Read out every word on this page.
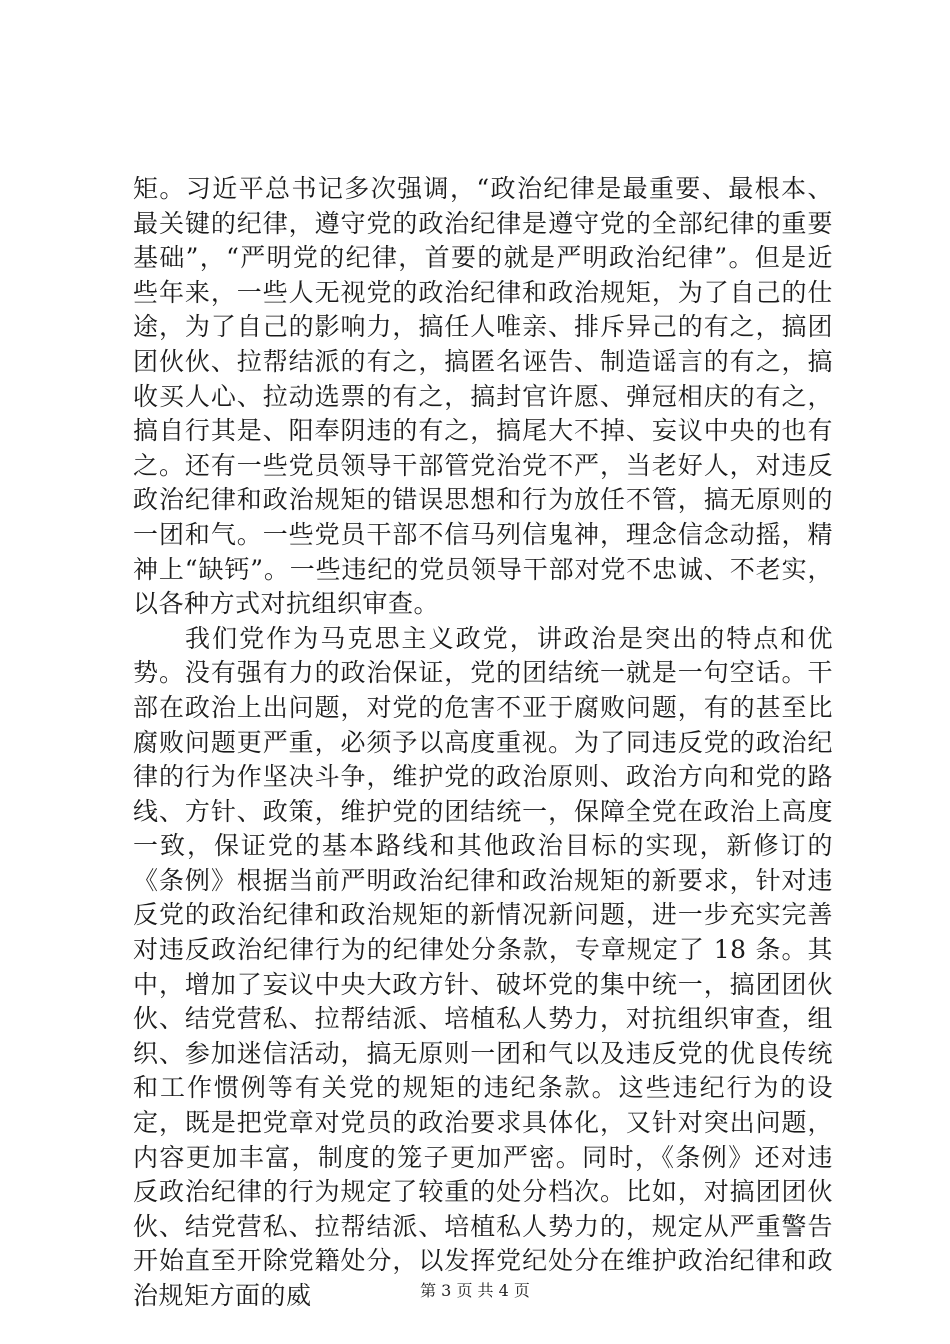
矩。习近平总书记多次强调，“政治纪律是最重要、最根本、最关键的纪律，遵守党的政治纪律是遵守党的全部纪律的重要基础”，“严明党的纪律，首要的就是严明政治纪律”。但是近些年来，一些人无视党的政治纪律和政治规矩，为了自己的仕途，为了自己的影响力，搞任人唯亲、排斥异己的有之，搞团团伙伙、拉帮结派的有之，搞匿名诬告、制造谣言的有之，搞收买人心、拉动选票的有之，搞封官许愿、弹冠相庆的有之，搞自行其是、阳奉阴违的有之，搞尾大不掉、妄议中央的也有之。还有一些党员领导干部管党治党不严，当老好人，对违反政治纪律和政治规矩的错误思想和行为放任不管，搞无原则的一团和气。一些党员干部不信马列信鬼神，理念信念动摇，精神上“缺钙”。一些违纪的党员领导干部对党不忠诚、不老实，以各种方式对抗组织审查。

我们党作为马克思主义政党，讲政治是突出的特点和优势。没有强有力的政治保证，党的团结统一就是一句空话。干部在政治上出问题，对党的危害不亚于腐败问题，有的甚至比腐败问题更严重，必须予以高度重视。为了同违反党的政治纪律的行为作坚决斗争，维护党的政治原则、政治方向和党的路线、方针、政策，维护党的团结统一，保障全党在政治上高度一致，保证党的基本路线和其他政治目标的实现，新修订的《条例》根据当前严明政治纪律和政治规矩的新要求，针对违反党的政治纪律和政治规矩的新情况新问题，进一步充实完善对违反政治纪律行为的纪律处分条款，专章规定了 18 条。其中，增加了妄议中央大政方针、破坏党的集中统一，搞团团伙伙、结党营私、拉帮结派、培植私人势力，对抗组织审查，组织、参加迷信活动，搞无原则一团和气以及违反党的优良传统和工作惯例等有关党的规矩的违纪条款。这些违纪行为的设定，既是把党章对党员的政治要求具体化，又针对突出问题，内容更加丰富，制度的笼子更加严密。同时，《条例》还对违反政治纪律的行为规定了较重的处分档次。比如，对搞团团伙伙、结党营私、拉帮结派、培植私人势力的，规定从严重警告开始直至开除党籍处分，以发挥党纪处分在维护政治纪律和政治规矩方面的威	第 3 页 共 4 页
